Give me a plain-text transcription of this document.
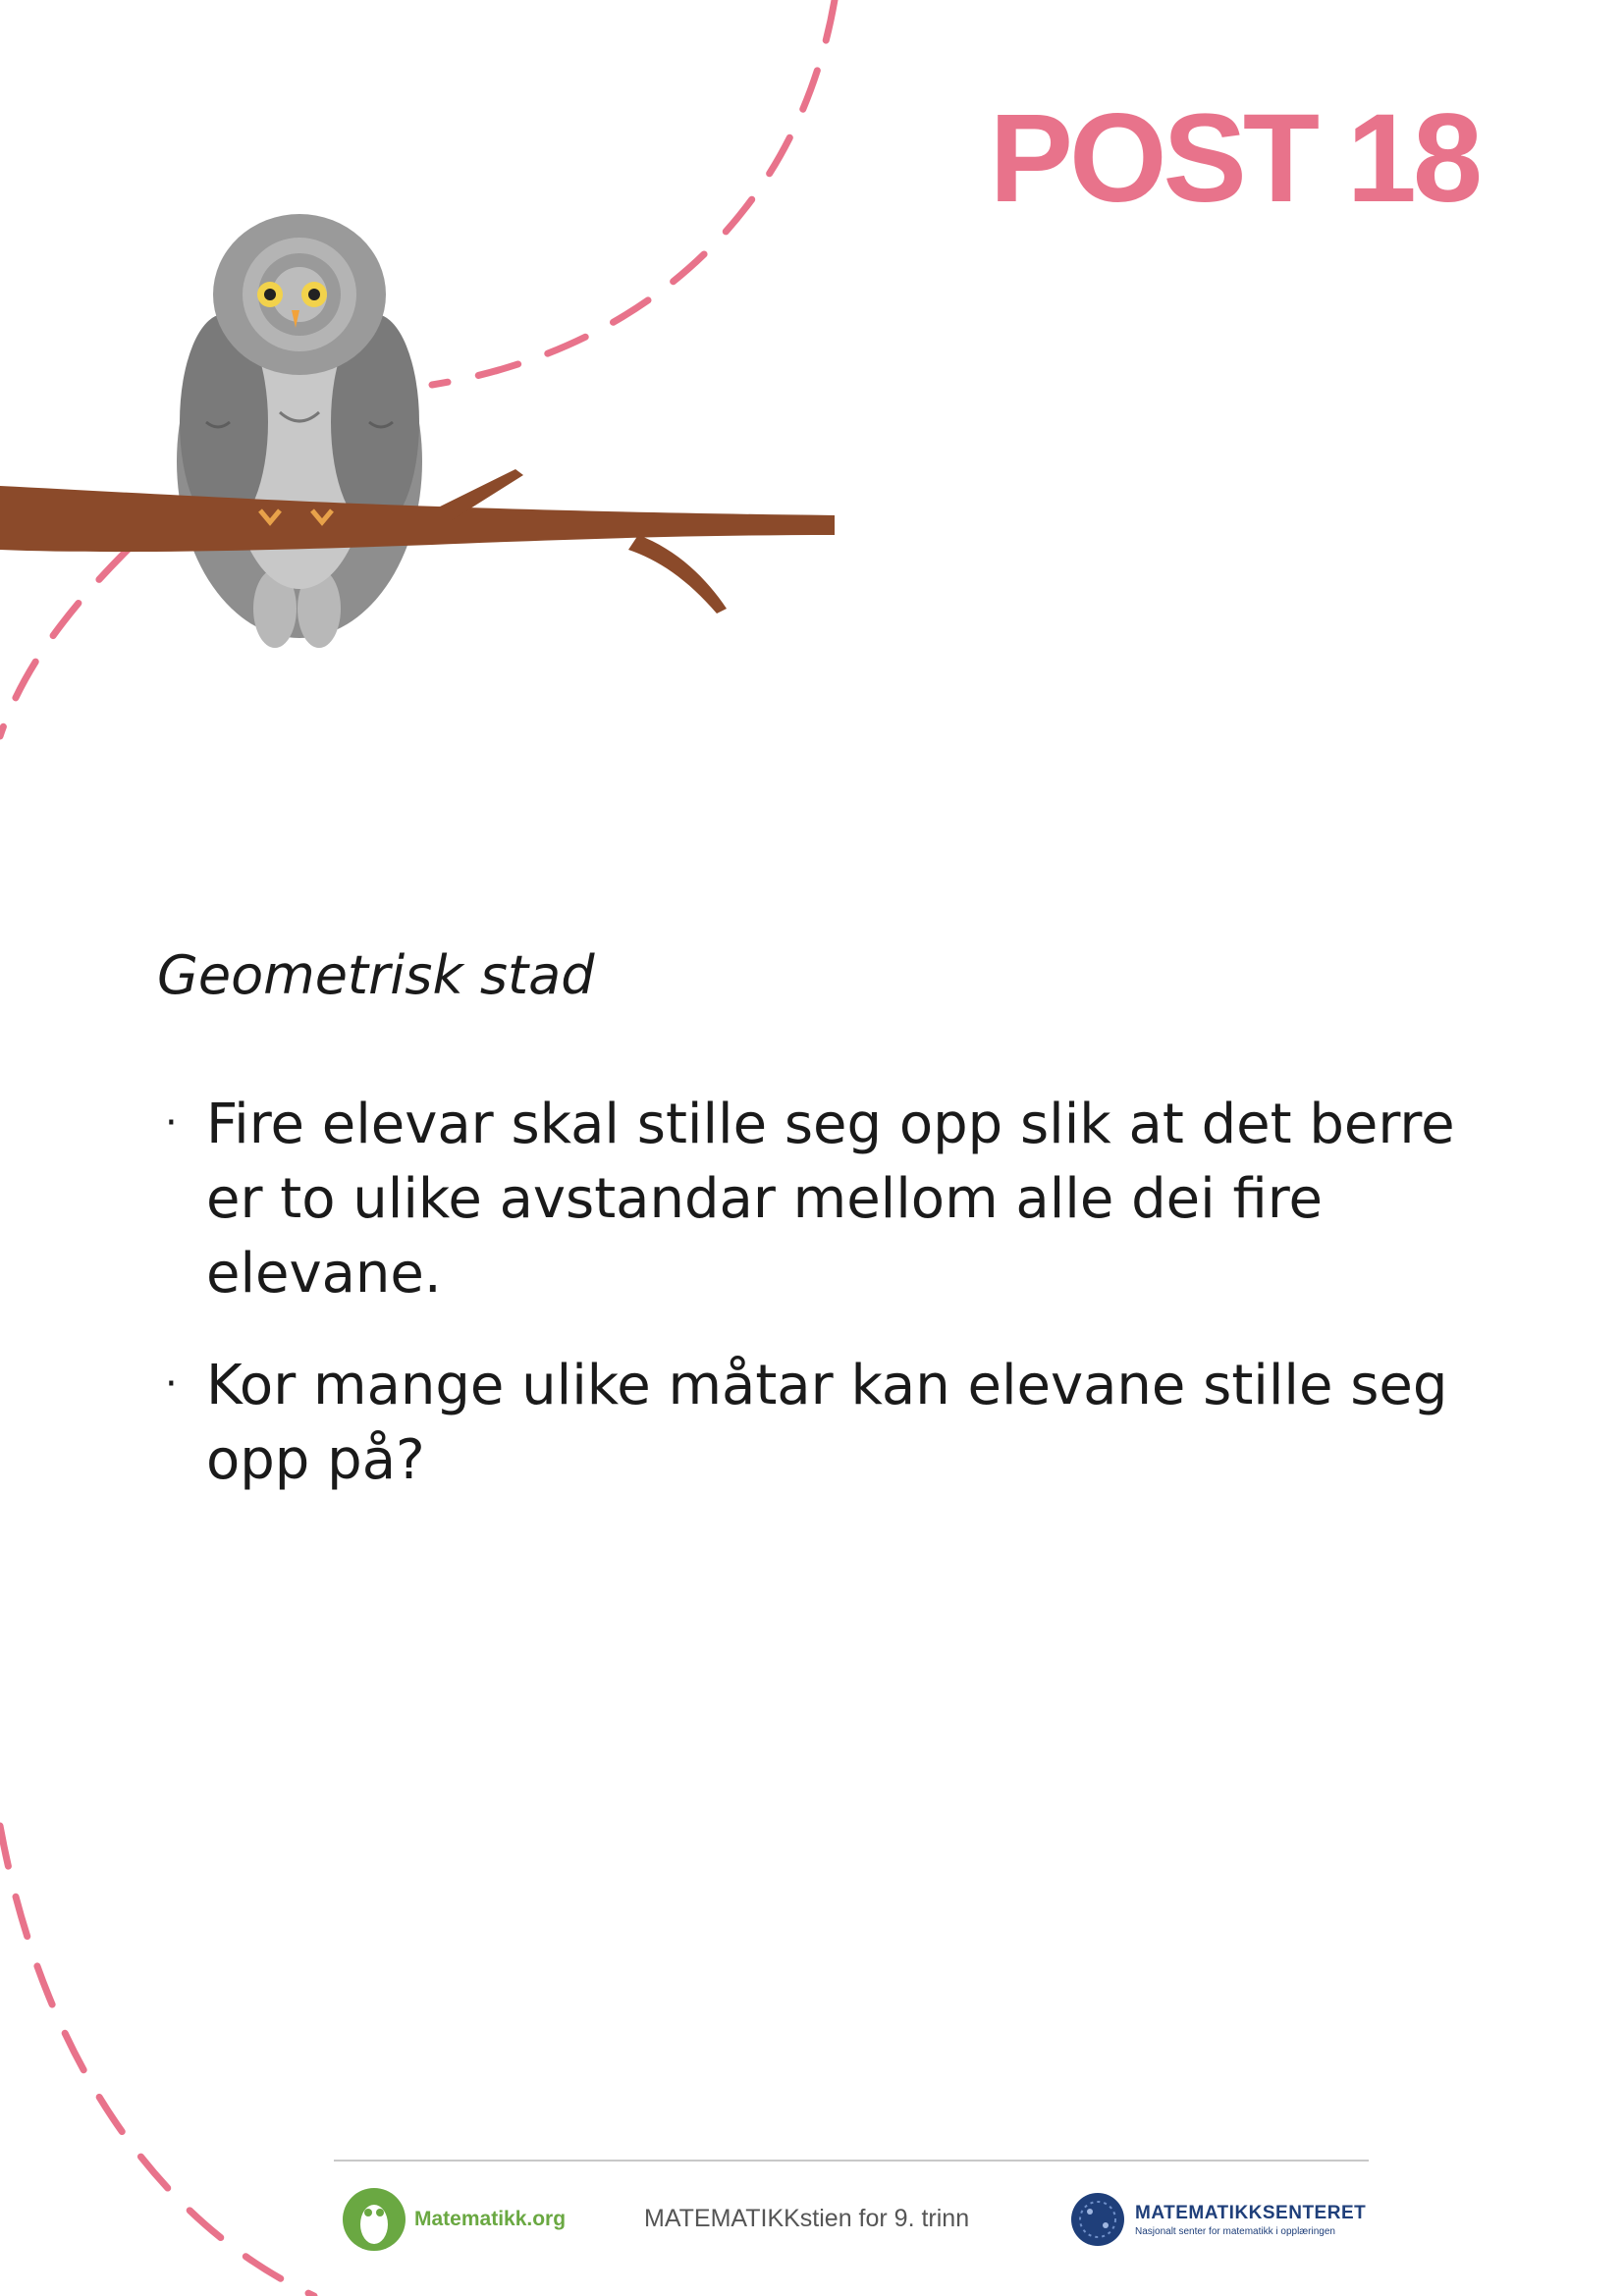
POST 18
Geometrisk stad
· Fire elevar skal stille seg opp slik at det berre er to ulike avstandar mellom alle dei fire elevane.
· Kor mange ulike måtar kan elevane stille seg opp på?
Matematikk.org	MATEMATIKKstien for 9. trinn	MATEMATIKKSENTERET
Nasjonalt senter for matematikk i opplæringen
